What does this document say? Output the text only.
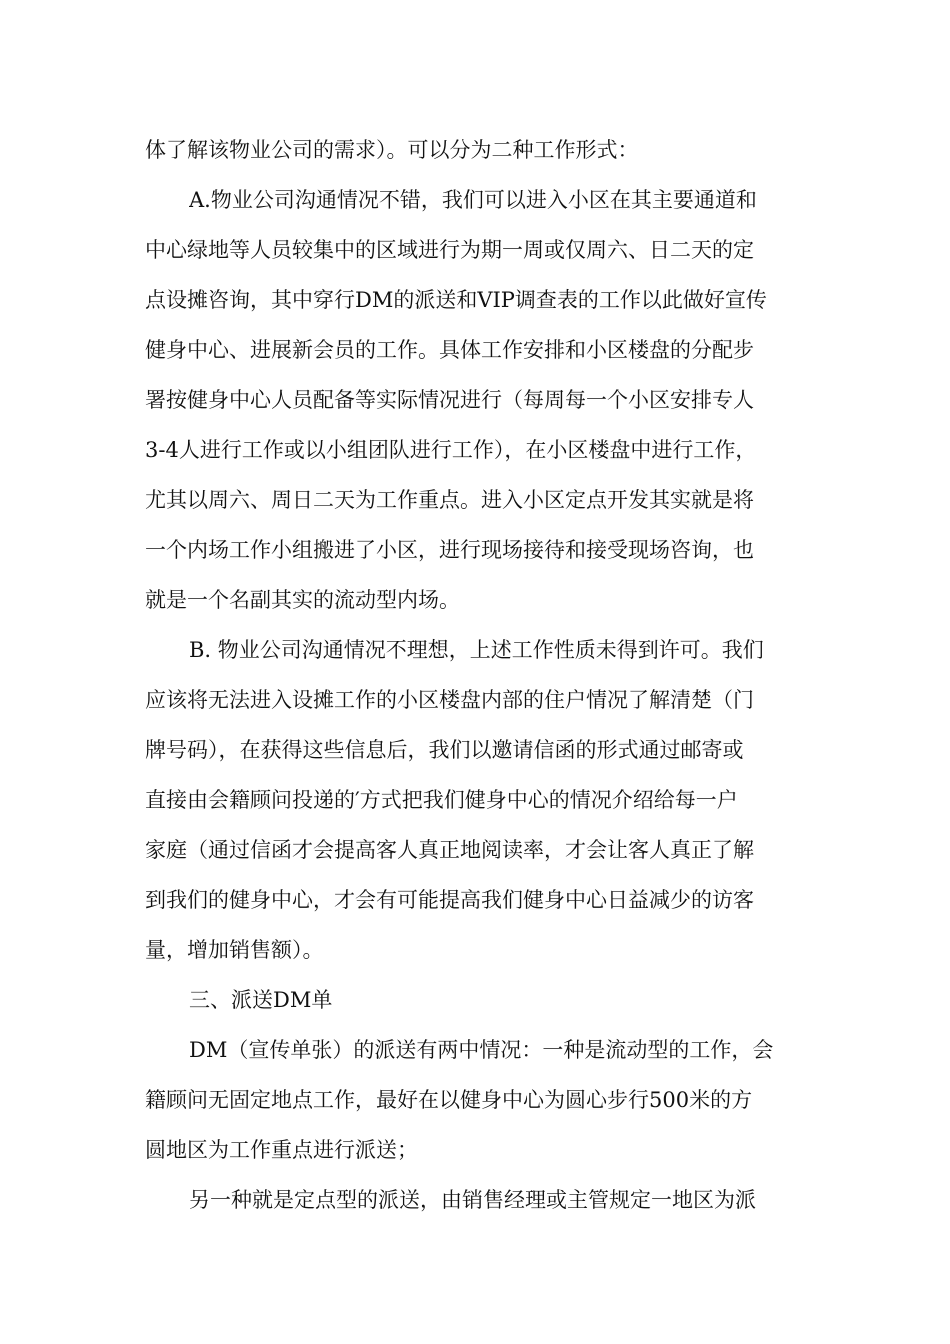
体了解该物业公司的需求）。可以分为二种工作形式：
A.物业公司沟通情况不错，我们可以进入小区在其主要通道和
中心绿地等人员较集中的区域进行为期一周或仅周六、日二天的定
点设摊咨询，其中穿行DM的派送和VIP调查表的工作以此做好宣传
健身中心、进展新会员的工作。具体工作安排和小区楼盘的分配步
署按健身中心人员配备等实际情况进行（每周每一个小区安排专人
3-4人进行工作或以小组团队进行工作），在小区楼盘中进行工作，
尤其以周六、周日二天为工作重点。进入小区定点开发其实就是将
一个内场工作小组搬进了小区，进行现场接待和接受现场咨询，也
就是一个名副其实的流动型内场。
B. 物业公司沟通情况不理想，上述工作性质未得到许可。我们
应该将无法进入设摊工作的小区楼盘内部的住户情况了解清楚（门
牌号码），在获得这些信息后，我们以邀请信函的形式通过邮寄或
直接由会籍顾问投递的′方式把我们健身中心的情况介绍给每一户
家庭（通过信函才会提高客人真正地阅读率，才会让客人真正了解
到我们的健身中心，才会有可能提高我们健身中心日益减少的访客
量，增加销售额）。
三、派送DM单
DM（宣传单张）的派送有两中情况：一种是流动型的工作，会
籍顾问无固定地点工作，最好在以健身中心为圆心步行500米的方
圆地区为工作重点进行派送；
另一种就是定点型的派送，由销售经理或主管规定一地区为派
